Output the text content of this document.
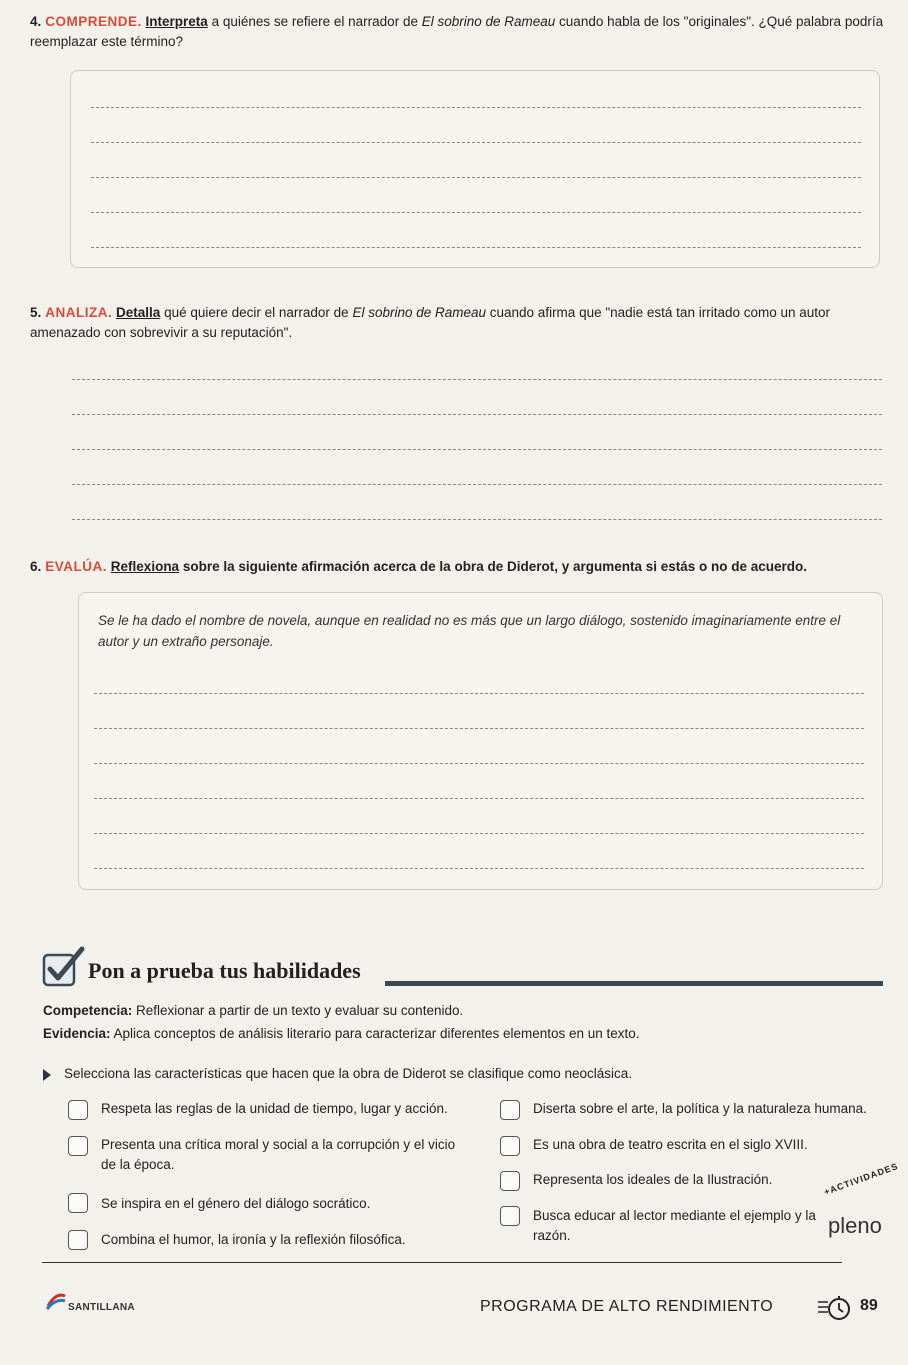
4. COMPRENDE. Interpreta a quiénes se refiere el narrador de El sobrino de Rameau cuando habla de los "originales". ¿Qué palabra podría reemplazar este término?
5. ANALIZA. Detalla qué quiere decir el narrador de El sobrino de Rameau cuando afirma que "nadie está tan irritado como un autor amenazado con sobrevivir a su reputación".
6. EVALÚA. Reflexiona sobre la siguiente afirmación acerca de la obra de Diderot, y argumenta si estás o no de acuerdo.
Se le ha dado el nombre de novela, aunque en realidad no es más que un largo diálogo, sostenido imaginariamente entre el autor y un extraño personaje.
Pon a prueba tus habilidades
Competencia: Reflexionar a partir de un texto y evaluar su contenido.
Evidencia: Aplica conceptos de análisis literario para caracterizar diferentes elementos en un texto.
Selecciona las características que hacen que la obra de Diderot se clasifique como neoclásica.
Respeta las reglas de la unidad de tiempo, lugar y acción.
Presenta una crítica moral y social a la corrupción y el vicio de la época.
Se inspira en el género del diálogo socrático.
Combina el humor, la ironía y la reflexión filosófica.
Diserta sobre el arte, la política y la naturaleza humana.
Es una obra de teatro escrita en el siglo XVIII.
Representa los ideales de la Ilustración.
Busca educar al lector mediante el ejemplo y la razón.
+ACTIVIDADES
pleno
SANTILLANA	PROGRAMA DE ALTO RENDIMIENTO	89
